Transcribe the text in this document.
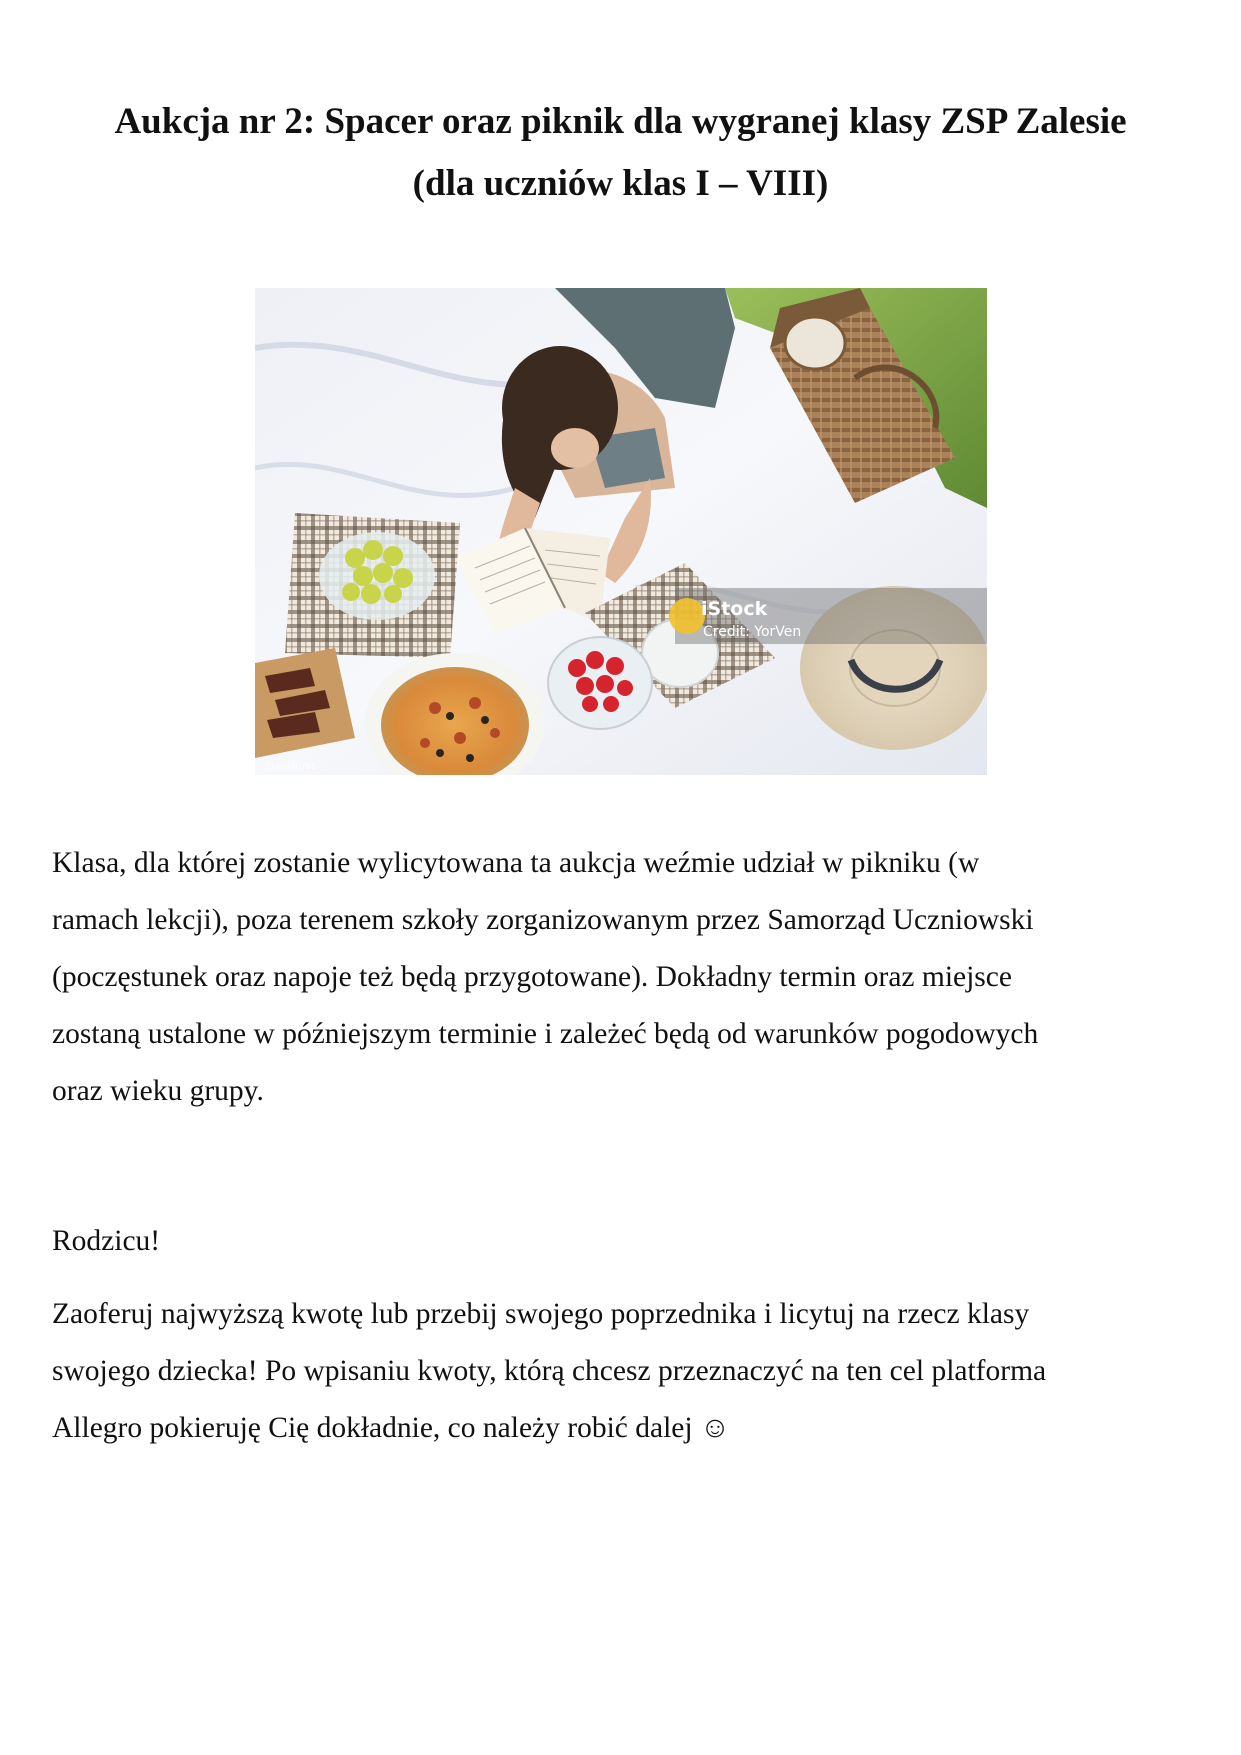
Aukcja nr 2: Spacer oraz piknik dla wygranej klasy ZSP Zalesie
(dla uczniów klas I – VIII)
iStock
Credit: YorVen
2148580761

Klasa, dla której zostanie wylicytowana ta aukcja weźmie udział w pikniku (w
ramach lekcji), poza terenem szkoły zorganizowanym przez Samorząd Uczniowski
(poczęstunek oraz napoje też będą przygotowane). Dokładny termin oraz miejsce
zostaną ustalone w późniejszym terminie i zależeć będą od warunków pogodowych
oraz wieku grupy.

Rodzicu!

Zaoferuj najwyższą kwotę lub przebij swojego poprzednika i licytuj na rzecz klasy
swojego dziecka! Po wpisaniu kwoty, którą chcesz przeznaczyć na ten cel platforma
Allegro pokieruję Cię dokładnie, co należy robić dalej ☺
